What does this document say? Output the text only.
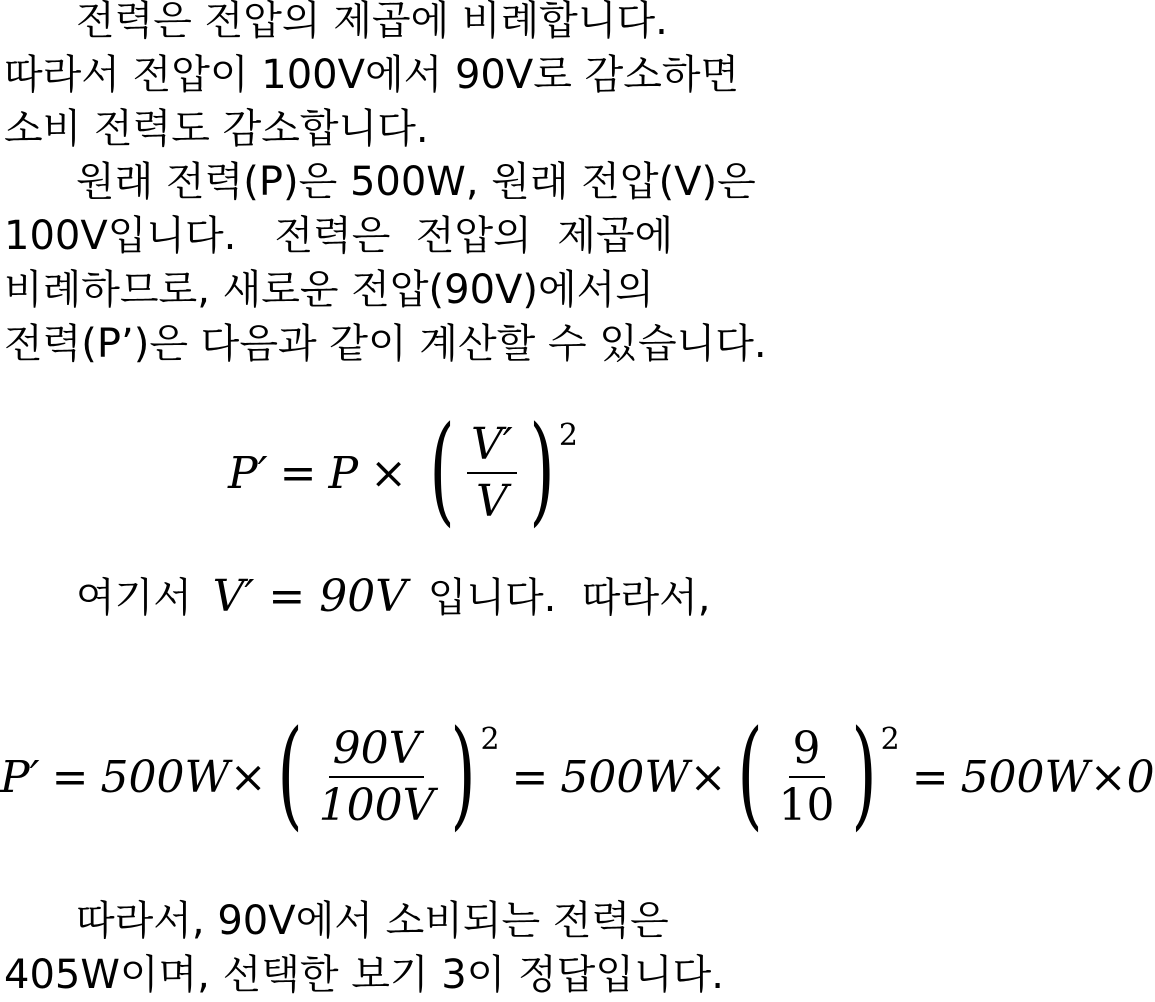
전력은 전압의 제곱에 비례합니다.
따라서 전압이 100V에서 90V로 감소하면
소비 전력도 감소합니다.
원래 전력(P)은 500W, 원래 전압(V)은
100V입니다.   전력은  전압의  제곱에
비례하므로, 새로운 전압(90V)에서의
전력(P’)은 다음과 같이 계산할 수 있습니다.
P′ = P × ( $\frac{V'}{V}$ ) 2
여기서 V′ = 90V 입니다.  따라서,
P′ = 500W × ( $\frac{90V}{100V}$ ) 2
= 500W × ( $\frac{9}{10}$ ) 2
= 500W×0
따라서, 90V에서 소비되는 전력은
405W이며, 선택한 보기 3이 정답입니다.
